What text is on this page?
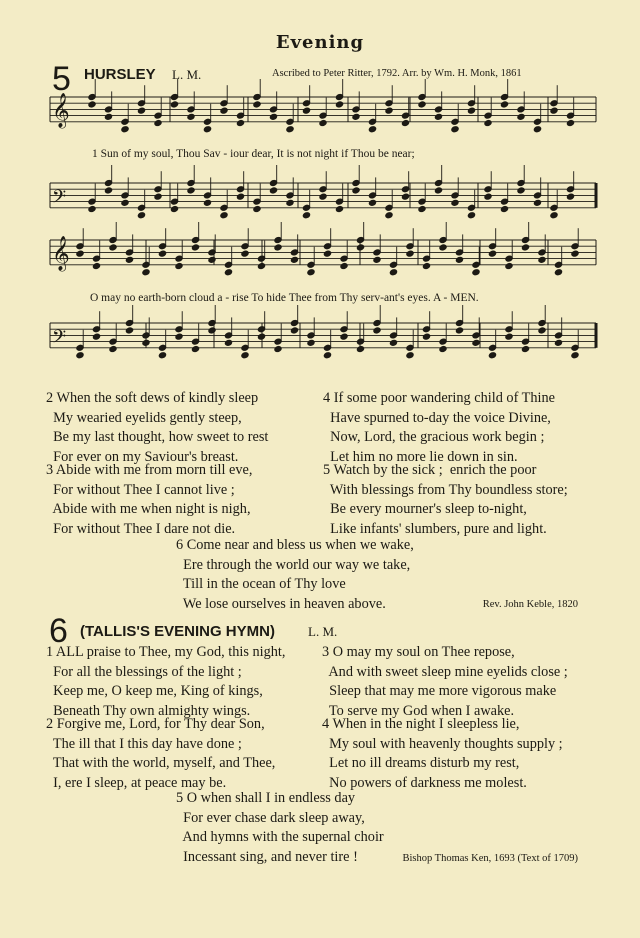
Evening
5 HURSLEY L. M.	Ascribed to Peter Ritter, 1792. Arr. by Wm. H. Monk, 1861
𝄞
𝄢
𝄞
𝄢
1 Sun of my soul, Thou Sav - iour dear, It is not night if Thou be near;
O may no earth-born cloud a - rise To hide Thee from Thy serv-ant's eyes. A - MEN.
2 When the soft dews of kindly sleep
My wearied eyelids gently steep,
Be my last thought, how sweet to rest
For ever on my Saviour's breast.
4 If some poor wandering child of Thine
Have spurned to-day the voice Divine,
Now, Lord, the gracious work begin ;
Let him no more lie down in sin.
3 Abide with me from morn till eve,
For without Thee I cannot live ;
Abide with me when night is nigh,
For without Thee I dare not die.
5 Watch by the sick ;  enrich the poor
With blessings from Thy boundless store;
Be every mourner's sleep to-night,
Like infants' slumbers, pure and light.
6 Come near and bless us when we wake,
Ere through the world our way we take,
Till in the ocean of Thy love
We lose ourselves in heaven above.	Rev. John Keble, 1820
6 (TALLIS'S EVENING HYMN)	L. M.
1 ALL praise to Thee, my God, this night,
For all the blessings of the light ;
Keep me, O keep me, King of kings,
Beneath Thy own almighty wings.
3 O may my soul on Thee repose,
And with sweet sleep mine eyelids close ;
Sleep that may me more vigorous make
To serve my God when I awake.
2 Forgive me, Lord, for Thy dear Son,
The ill that I this day have done ;
That with the world, myself, and Thee,
I, ere I sleep, at peace may be.
4 When in the night I sleepless lie,
My soul with heavenly thoughts supply ;
Let no ill dreams disturb my rest,
No powers of darkness me molest.
5 O when shall I in endless day
For ever chase dark sleep away,
And hymns with the supernal choir
Incessant sing, and never tire !	Bishop Thomas Ken, 1693 (Text of 1709)
